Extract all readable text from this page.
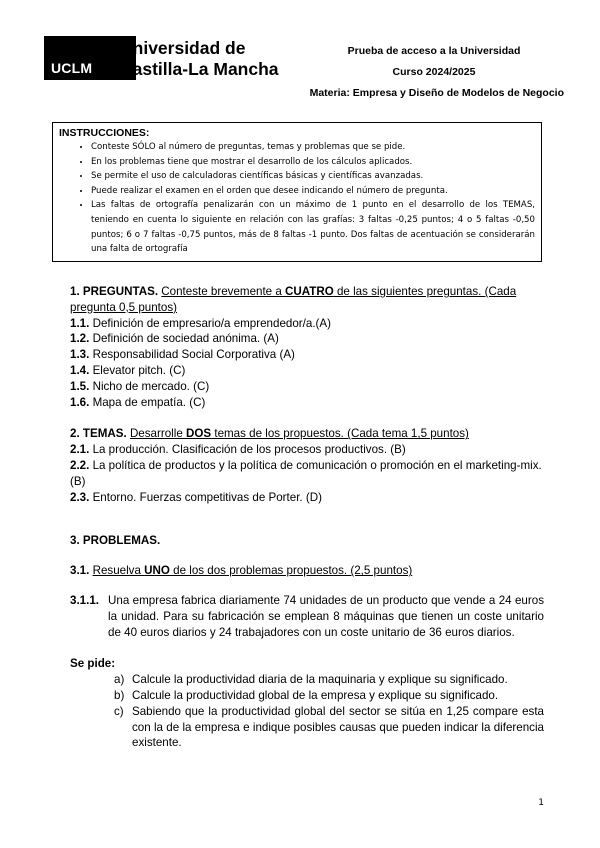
UCLM
Universidad de
Castilla-La Mancha
Prueba de acceso a la Universidad
Curso 2024/2025
Materia: Empresa y Diseño de Modelos de Negocio
INSTRUCCIONES:
• Conteste SÓLO al número de preguntas, temas y problemas que se pide.
• En los problemas tiene que mostrar el desarrollo de los cálculos aplicados.
• Se permite el uso de calculadoras científicas básicas y científicas avanzadas.
• Puede realizar el examen en el orden que desee indicando el número de pregunta.
• Las faltas de ortografía penalizarán con un máximo de 1 punto en el desarrollo de los TEMAS, teniendo en cuenta lo siguiente en relación con las grafías: 3 faltas -0,25 puntos; 4 o 5 faltas -0,50 puntos; 6 o 7 faltas -0,75 puntos, más de 8 faltas -1 punto. Dos faltas de acentuación se considerarán una falta de ortografía
1. PREGUNTAS. Conteste brevemente a CUATRO de las siguientes preguntas. (Cada pregunta 0,5 puntos)
1.1. Definición de empresario/a emprendedor/a.(A)
1.2. Definición de sociedad anónima. (A)
1.3. Responsabilidad Social Corporativa (A)
1.4. Elevator pitch. (C)
1.5. Nicho de mercado. (C)
1.6. Mapa de empatía. (C)
2. TEMAS. Desarrolle DOS temas de los propuestos. (Cada tema 1,5 puntos)
2.1. La producción. Clasificación de los procesos productivos. (B)
2.2. La política de productos y la política de comunicación o promoción en el marketing-mix.(B)
2.3. Entorno. Fuerzas competitivas de Porter. (D)
3. PROBLEMAS.
3.1. Resuelva UNO de los dos problemas propuestos. (2,5 puntos)
3.1.1. Una empresa fabrica diariamente 74 unidades de un producto que vende a 24 euros la unidad. Para su fabricación se emplean 8 máquinas que tienen un coste unitario de 40 euros diarios y 24 trabajadores con un coste unitario de 36 euros diarios.
Se pide:
a) Calcule la productividad diaria de la maquinaria y explique su significado.
b) Calcule la productividad global de la empresa y explique su significado.
c) Sabiendo que la productividad global del sector se sitúa en 1,25 compare esta con la de la empresa e indique posibles causas que pueden indicar la diferencia existente.
1
